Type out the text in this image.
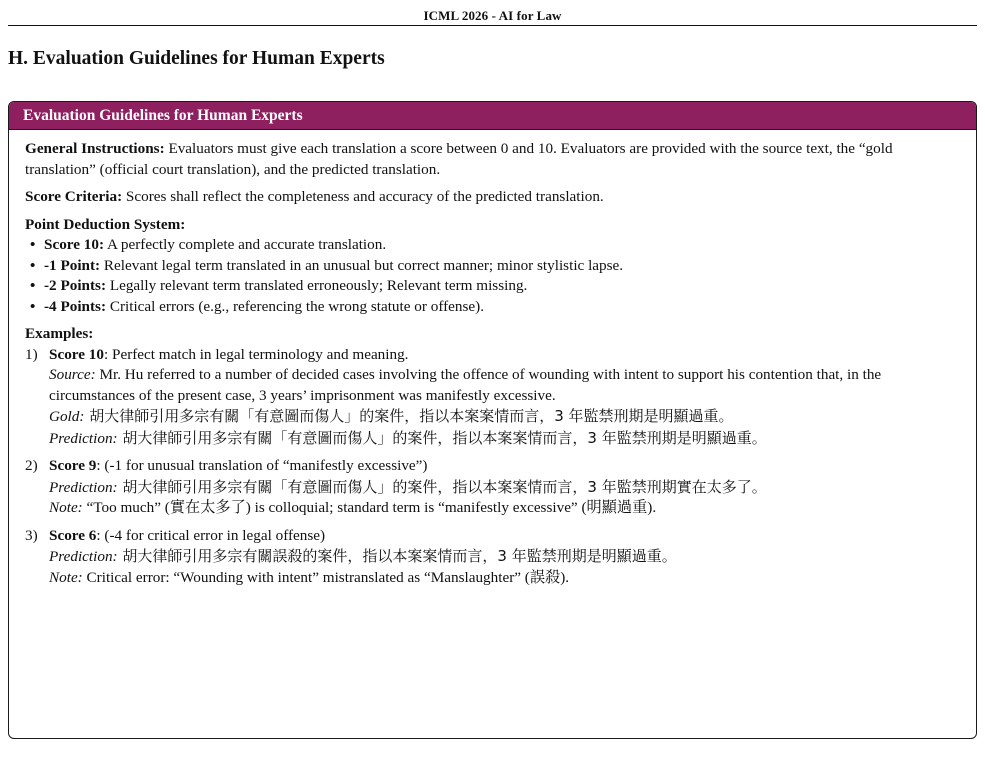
ICML 2026 - AI for Law
H. Evaluation Guidelines for Human Experts
Evaluation Guidelines for Human Experts

General Instructions: Evaluators must give each translation a score between 0 and 10. Evaluators are provided with the source text, the “gold translation” (official court translation), and the predicted translation.

Score Criteria: Scores shall reflect the completeness and accuracy of the predicted translation.

Point Deduction System:

• Score 10: A perfectly complete and accurate translation.
• -1 Point: Relevant legal term translated in an unusual but correct manner; minor stylistic lapse.
• -2 Points: Legally relevant term translated erroneously; Relevant term missing.
• -4 Points: Critical errors (e.g., referencing the wrong statute or offense).

Examples:

1) Score 10: Perfect match in legal terminology and meaning.
Source: Mr. Hu referred to a number of decided cases involving the offence of wounding with intent to support his contention that, in the circumstances of the present case, 3 years’ imprisonment was manifestly excessive.
Gold: 胡大律師引用多宗有關「有意圖而傷人」的案件，指以本案案情而言，3 年監禁刑期是明顯過重。
Prediction: 胡大律師引用多宗有關「有意圖而傷人」的案件，指以本案案情而言，3 年監禁刑期是明顯過重。
2) Score 9: (-1 for unusual translation of “manifestly excessive”)
Prediction: 胡大律師引用多宗有關「有意圖而傷人」的案件，指以本案案情而言，3 年監禁刑期實在太多了。
Note: “Too much” (實在太多了) is colloquial; standard term is “manifestly excessive” (明顯過重).
3) Score 6: (-4 for critical error in legal offense)
Prediction: 胡大律師引用多宗有關誤殺的案件，指以本案案情而言，3 年監禁刑期是明顯過重。
Note: Critical error: “Wounding with intent” mistranslated as “Manslaughter” (誤殺).
